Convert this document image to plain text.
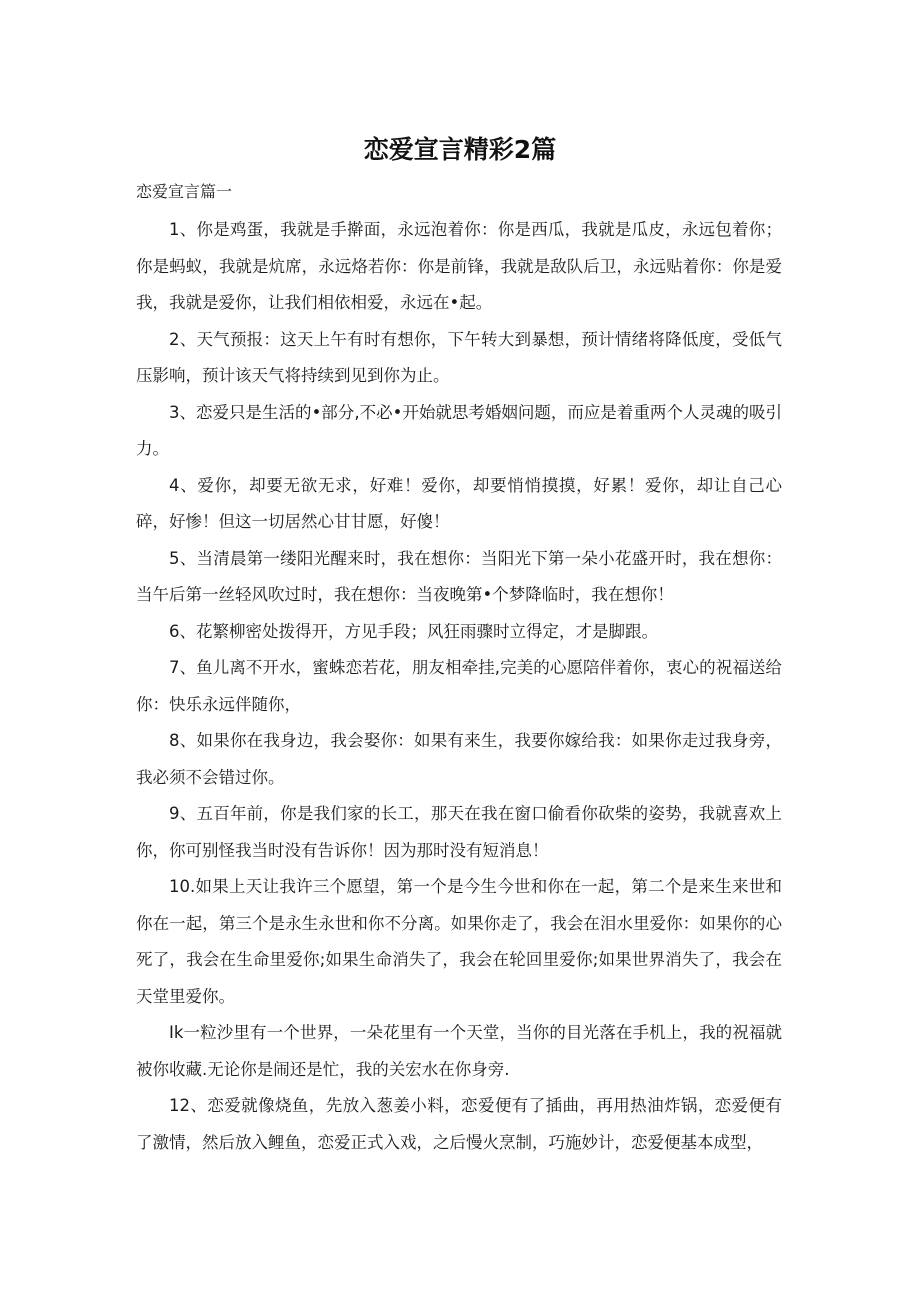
恋爱宣言精彩2篇
恋爱宣言篇一

1、你是鸡蛋，我就是手擀面，永远泡着你：你是西瓜，我就是瓜皮，永远包着你；你是蚂蚁，我就是炕席，永远烙若你：你是前锋，我就是敌队后卫，永远贴着你：你是爱我，我就是爱你，让我们相依相爱，永远在•起。

2、天气预报：这天上午有时有想你，下午转大到暴想，预计情绪将降低度，受低气压影响，预计该天气将持续到见到你为止。

3、恋爱只是生活的•部分,不必•开始就思考婚姻问题，而应是着重两个人灵魂的吸引力。

4、爱你，却要无欲无求，好难！爱你，却要悄悄摸摸，好累！爱你，却让自己心碎，好惨！但这一切居然心甘甘愿，好傻！

5、当清晨第一缕阳光醒来时，我在想你：当阳光下第一朵小花盛开时，我在想你：当午后第一丝轻风吹过时，我在想你：当夜晚第•个梦降临时，我在想你！

6、花繁柳密处拨得开，方见手段；风狂雨骤时立得定，才是脚跟。

7、鱼儿离不开水，蜜蛛恋若花，朋友相牵挂,完美的心愿陪伴着你，衷心的祝福送给你：快乐永远伴随你，

8、如果你在我身边，我会娶你：如果有来生，我要你嫁给我：如果你走过我身旁，我必须不会错过你。

9、五百年前，你是我们家的长工，那天在我在窗口偷看你砍柴的姿势，我就喜欢上你，你可别怪我当时没有告诉你！因为那时没有短消息！

10.如果上天让我许三个愿望，第一个是今生今世和你在一起，第二个是来生来世和你在一起，第三个是永生永世和你不分离。如果你走了，我会在泪水里爱你：如果你的心死了，我会在生命里爱你;如果生命消失了，我会在轮回里爱你;如果世界消失了，我会在天堂里爱你。

Ik一粒沙里有一个世界，一朵花里有一个天堂，当你的目光落在手机上，我的祝福就被你收藏.无论你是闹还是忙，我的关宏水在你身旁.

12、恋爱就像烧鱼，先放入葱姜小料，恋爱便有了插曲，再用热油炸锅，恋爱便有了激情，然后放入鲤鱼，恋爱正式入戏，之后慢火烹制，巧施妙计，恋爱便基本成型，
